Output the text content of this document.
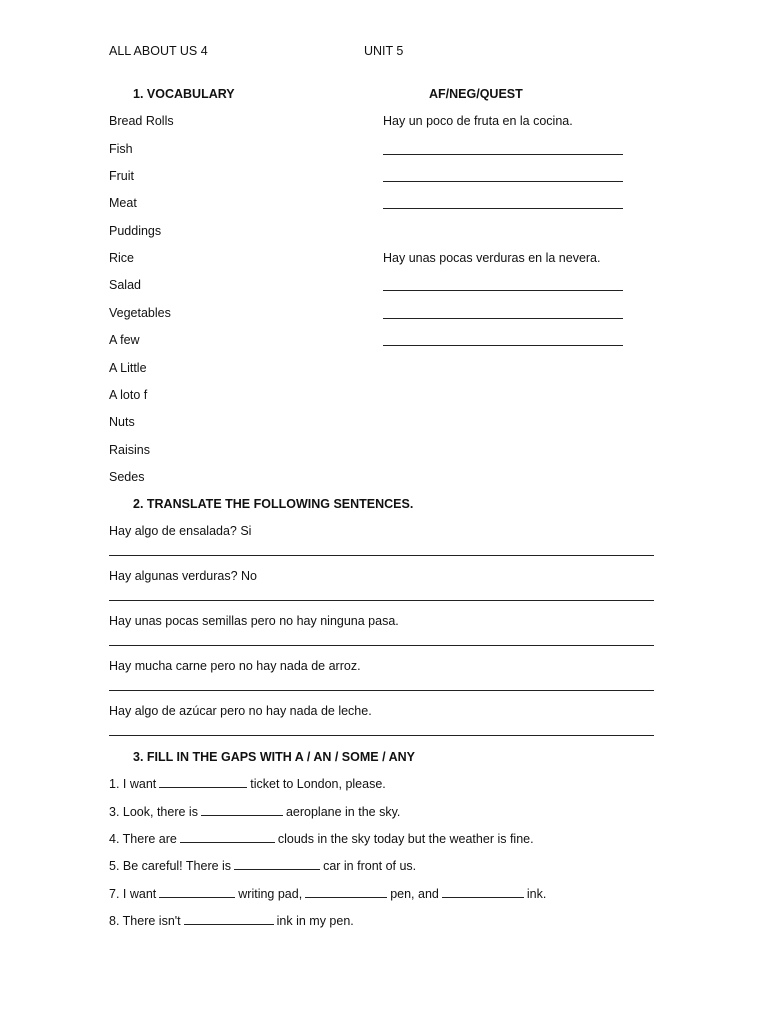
ALL ABOUT US 4	UNIT 5
1. VOCABULARY	AF/NEG/QUEST
Bread Rolls
Fish
Fruit
Meat
Puddings
Rice
Salad
Vegetables
A few
A Little
A loto f
Nuts
Raisins
Sedes
Hay un poco de fruta en la cocina.
Hay unas pocas verduras en la nevera.
2. TRANSLATE THE FOLLOWING SENTENCES.
Hay algo de ensalada? Si
Hay algunas verduras? No
Hay unas pocas semillas pero no hay ninguna pasa.
Hay mucha carne pero no hay nada de arroz.
Hay algo de azúcar pero no hay nada de leche.
3. FILL IN THE GAPS WITH A / AN / SOME / ANY
1. I want	ticket to London, please.
3. Look, there is	aeroplane in the sky.
4. There are	clouds in the sky today but the weather is fine.
5. Be careful! There is	car in front of us.
7. I want	writing pad,	pen, and	ink.
8. There isn't	ink in my pen.
